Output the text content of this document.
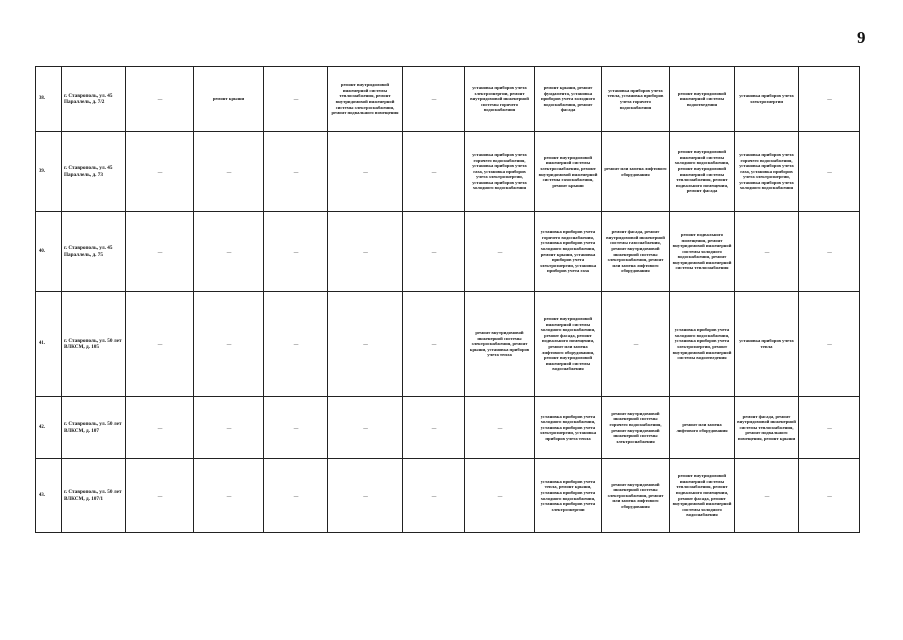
9
38.	г. Ставрополь, ул. 45 Параллель, д. 7/2	—	ремонт крыши	—	ремонт внутридомовой инженерной системы теплоснабжения, ремонт внутридомовой инженерной системы электроснабжения, ремонт подвального помещения	—	установка приборов учета электроэнергии, ремонт внутридомовой инженерной системы горячего водоснабжения	ремонт крыши, ремонт фундамента, установка приборов учета холодного водоснабжения, ремонт фасада	установка приборов учета тепла, установка приборов учета горячего водоснабжения	ремонт внутридомовой инженерной системы водоотведения	установка приборов учета электроэнергии	—
39.	г. Ставрополь, ул. 45 Параллель, д. 73	—	—	—	—	—	установка приборов учета горячего водоснабжения, установка приборов учета газа, установка приборов учета электроэнергии, установка приборов учета холодного водоснабжения	ремонт внутридомовой инженерной системы электроснабжения, ремонт внутридомовой инженерной системы газоснабжения, ремонт крыши	ремонт или замена лифтового оборудования	ремонт внутридомовой инженерной системы холодного водоснабжения, ремонт внутридомовой инженерной системы теплоснабжения, ремонт подвального помещения, ремонт фасада	установка приборов учета горячего водоснабжения, установка приборов учета газа, установка приборов учета электроэнергии, установка приборов учета холодного водоснабжения	—
40.	г. Ставрополь, ул. 45 Параллель, д. 75	—	—	—	—	—	—	установка приборов учета горячего водоснабжения, установка приборов учета холодного водоснабжения, ремонт крыши, установка приборов учета электроэнергии, установка приборов учета газа	ремонт фасада, ремонт внутридомовой инженерной системы газоснабжения, ремонт внутридомовой инженерной системы электроснабжения, ремонт или замена лифтового оборудования	ремонт подвального помещения, ремонт внутридомовой инженерной системы холодного водоснабжения, ремонт внутридомовой инженерной системы теплоснабжения	—	—
41.	г. Ставрополь, ул. 50 лет ВЛКСМ, д. 105	—	—	—	—	—	ремонт внутридомовой инженерной системы электроснабжения, ремонт крыши, установка приборов учета тепла	ремонт внутридомовой инженерной системы холодного водоснабжения, ремонт фасада, ремонт подвального помещения, ремонт или замена лифтового оборудования, ремонт внутридомовой инженерной системы водоснабжения	—	установка приборов учета холодного водоснабжения, установка приборов учета электроэнергии, ремонт внутридомовой инженерной системы водоотведения	установка приборов учета тепла	—
42.	г. Ставрополь, ул. 50 лет ВЛКСМ, д. 107	—	—	—	—	—	—	установка приборов учета холодного водоснабжения, установка приборов учета электроэнергии, установка приборов учета тепла	ремонт внутридомовой инженерной системы горячего водоснабжения, ремонт внутридомовой инженерной системы электроснабжения	ремонт или замена лифтового оборудования	ремонт фасада, ремонт внутридомовой инженерной системы теплоснабжения, ремонт подвального помещения, ремонт крыши	—
43.	г. Ставрополь, ул. 50 лет ВЛКСМ, д. 107/1	—	—	—	—	—	—	установка приборов учета тепла, ремонт крыши, установка приборов учета холодного водоснабжения, установка приборов учета электроэнергии	ремонт внутридомовой инженерной системы электроснабжения, ремонт или замена лифтового оборудования	ремонт внутридомовой инженерной системы теплоснабжения, ремонт подвального помещения, ремонт фасада, ремонт внутридомовой инженерной системы холодного водоснабжения	—	—
